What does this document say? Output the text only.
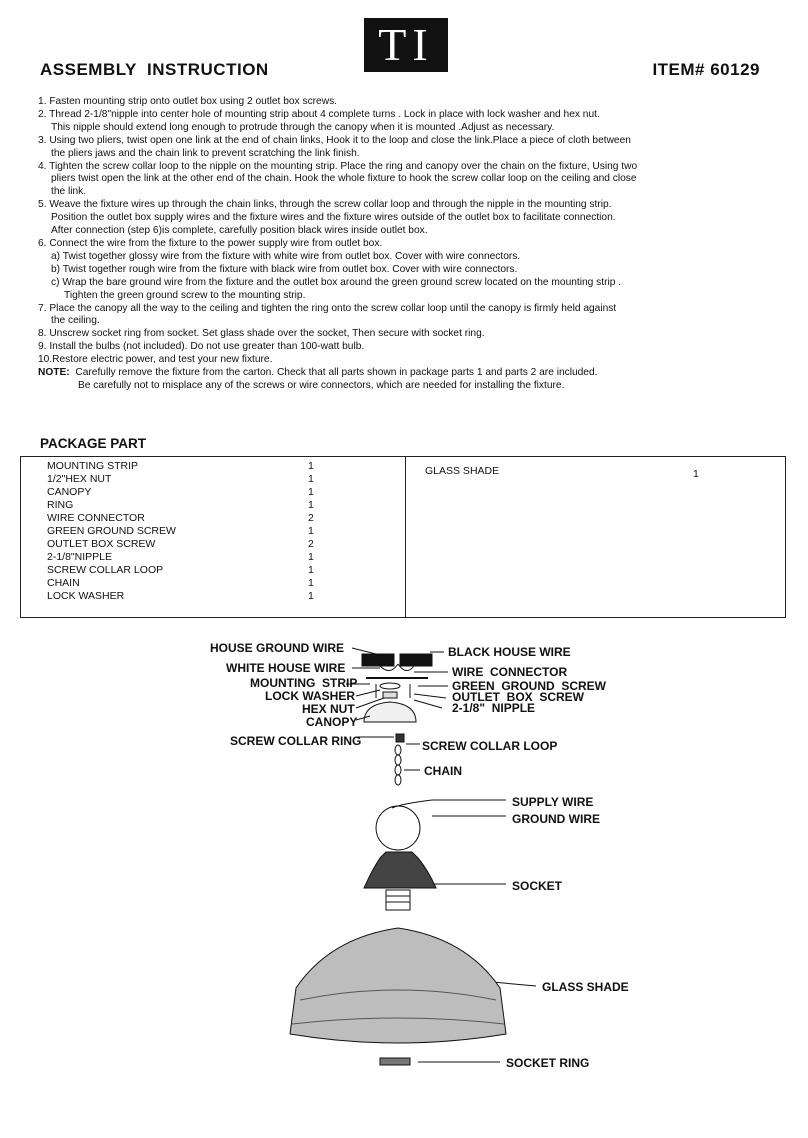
TI
ASSEMBLY  INSTRUCTION	ITEM# 60129

1. Fasten mounting strip onto outlet box using 2 outlet box screws.

2. Thread 2-1/8"nipple into center hole of mounting strip about 4 complete turns . Lock in place with lock washer and hex nut.

This nipple should extend long enough to protrude through the canopy when it is mounted .Adjust as necessary.

3. Using two pliers, twist open one link at the end of chain links, Hook it to the loop and close the link.Place a piece of cloth between

the pliers jaws and the chain link to prevent scratching the link finish.

4. Tighten the screw collar loop to the nipple on the mounting strip. Place the ring and canopy over the chain on the fixture, Using two

pliers twist open the link at the other end of the chain. Hook the whole fixture to hook the screw collar loop on the ceiling and close

the link.

5. Weave the fixture wires up through the chain links, through the screw collar loop and through the nipple in the mounting strip.

Position the outlet box supply wires and the fixture wires and the fixture wires outside of the outlet box to facilitate connection.

After connection (step 6)is complete, carefully position black wires inside outlet box.

6. Connect the wire from the fixture to the power supply wire from outlet box.

a) Twist together glossy wire from the fixture with white wire from outlet box. Cover with wire connectors.

b) Twist together rough wire from the fixture with black wire from outlet box. Cover with wire connectors.

c) Wrap the bare ground wire from the fixture and the outlet box around the green ground screw located on the mounting strip .

Tighten the green ground screw to the mounting strip.

7. Place the canopy all the way to the ceiling and tighten the ring onto the screw collar loop until the canopy is firmly held against

the ceiling.

8. Unscrew socket ring from socket. Set glass shade over the socket, Then secure with socket ring.

9. Install the bulbs (not included). Do not use greater than 100-watt bulb.

10.Restore electric power, and test your new fixture.

NOTE: Carefully remove the fixture from the carton. Check that all parts shown in package parts 1 and parts 2 are included.

Be carefully not to misplace any of the screws or wire connectors, which are needed for installing the fixture.

PACKAGE PART
MOUNTING STRIP	1
1/2"HEX NUT	1
CANOPY	1
RING	1
WIRE CONNECTOR	2
GREEN GROUND SCREW	1
OUTLET BOX SCREW	2
2-1/8"NIPPLE	1
SCREW COLLAR LOOP	1
CHAIN	1
LOCK WASHER	1
GLASS SHADE	1
HOUSE GROUND WIRE	BLACK HOUSE WIRE
WHITE HOUSE WIRE	WIRE  CONNECTOR
MOUNTING  STRIP	GREEN  GROUND  SCREW
LOCK WASHER	OUTLET  BOX  SCREW
HEX NUT	2-1/8"  NIPPLE
CANOPY
SCREW COLLAR RING	SCREW COLLAR LOOP
CHAIN
SUPPLY WIRE
GROUND WIRE
SOCKET
GLASS SHADE
SOCKET RING
